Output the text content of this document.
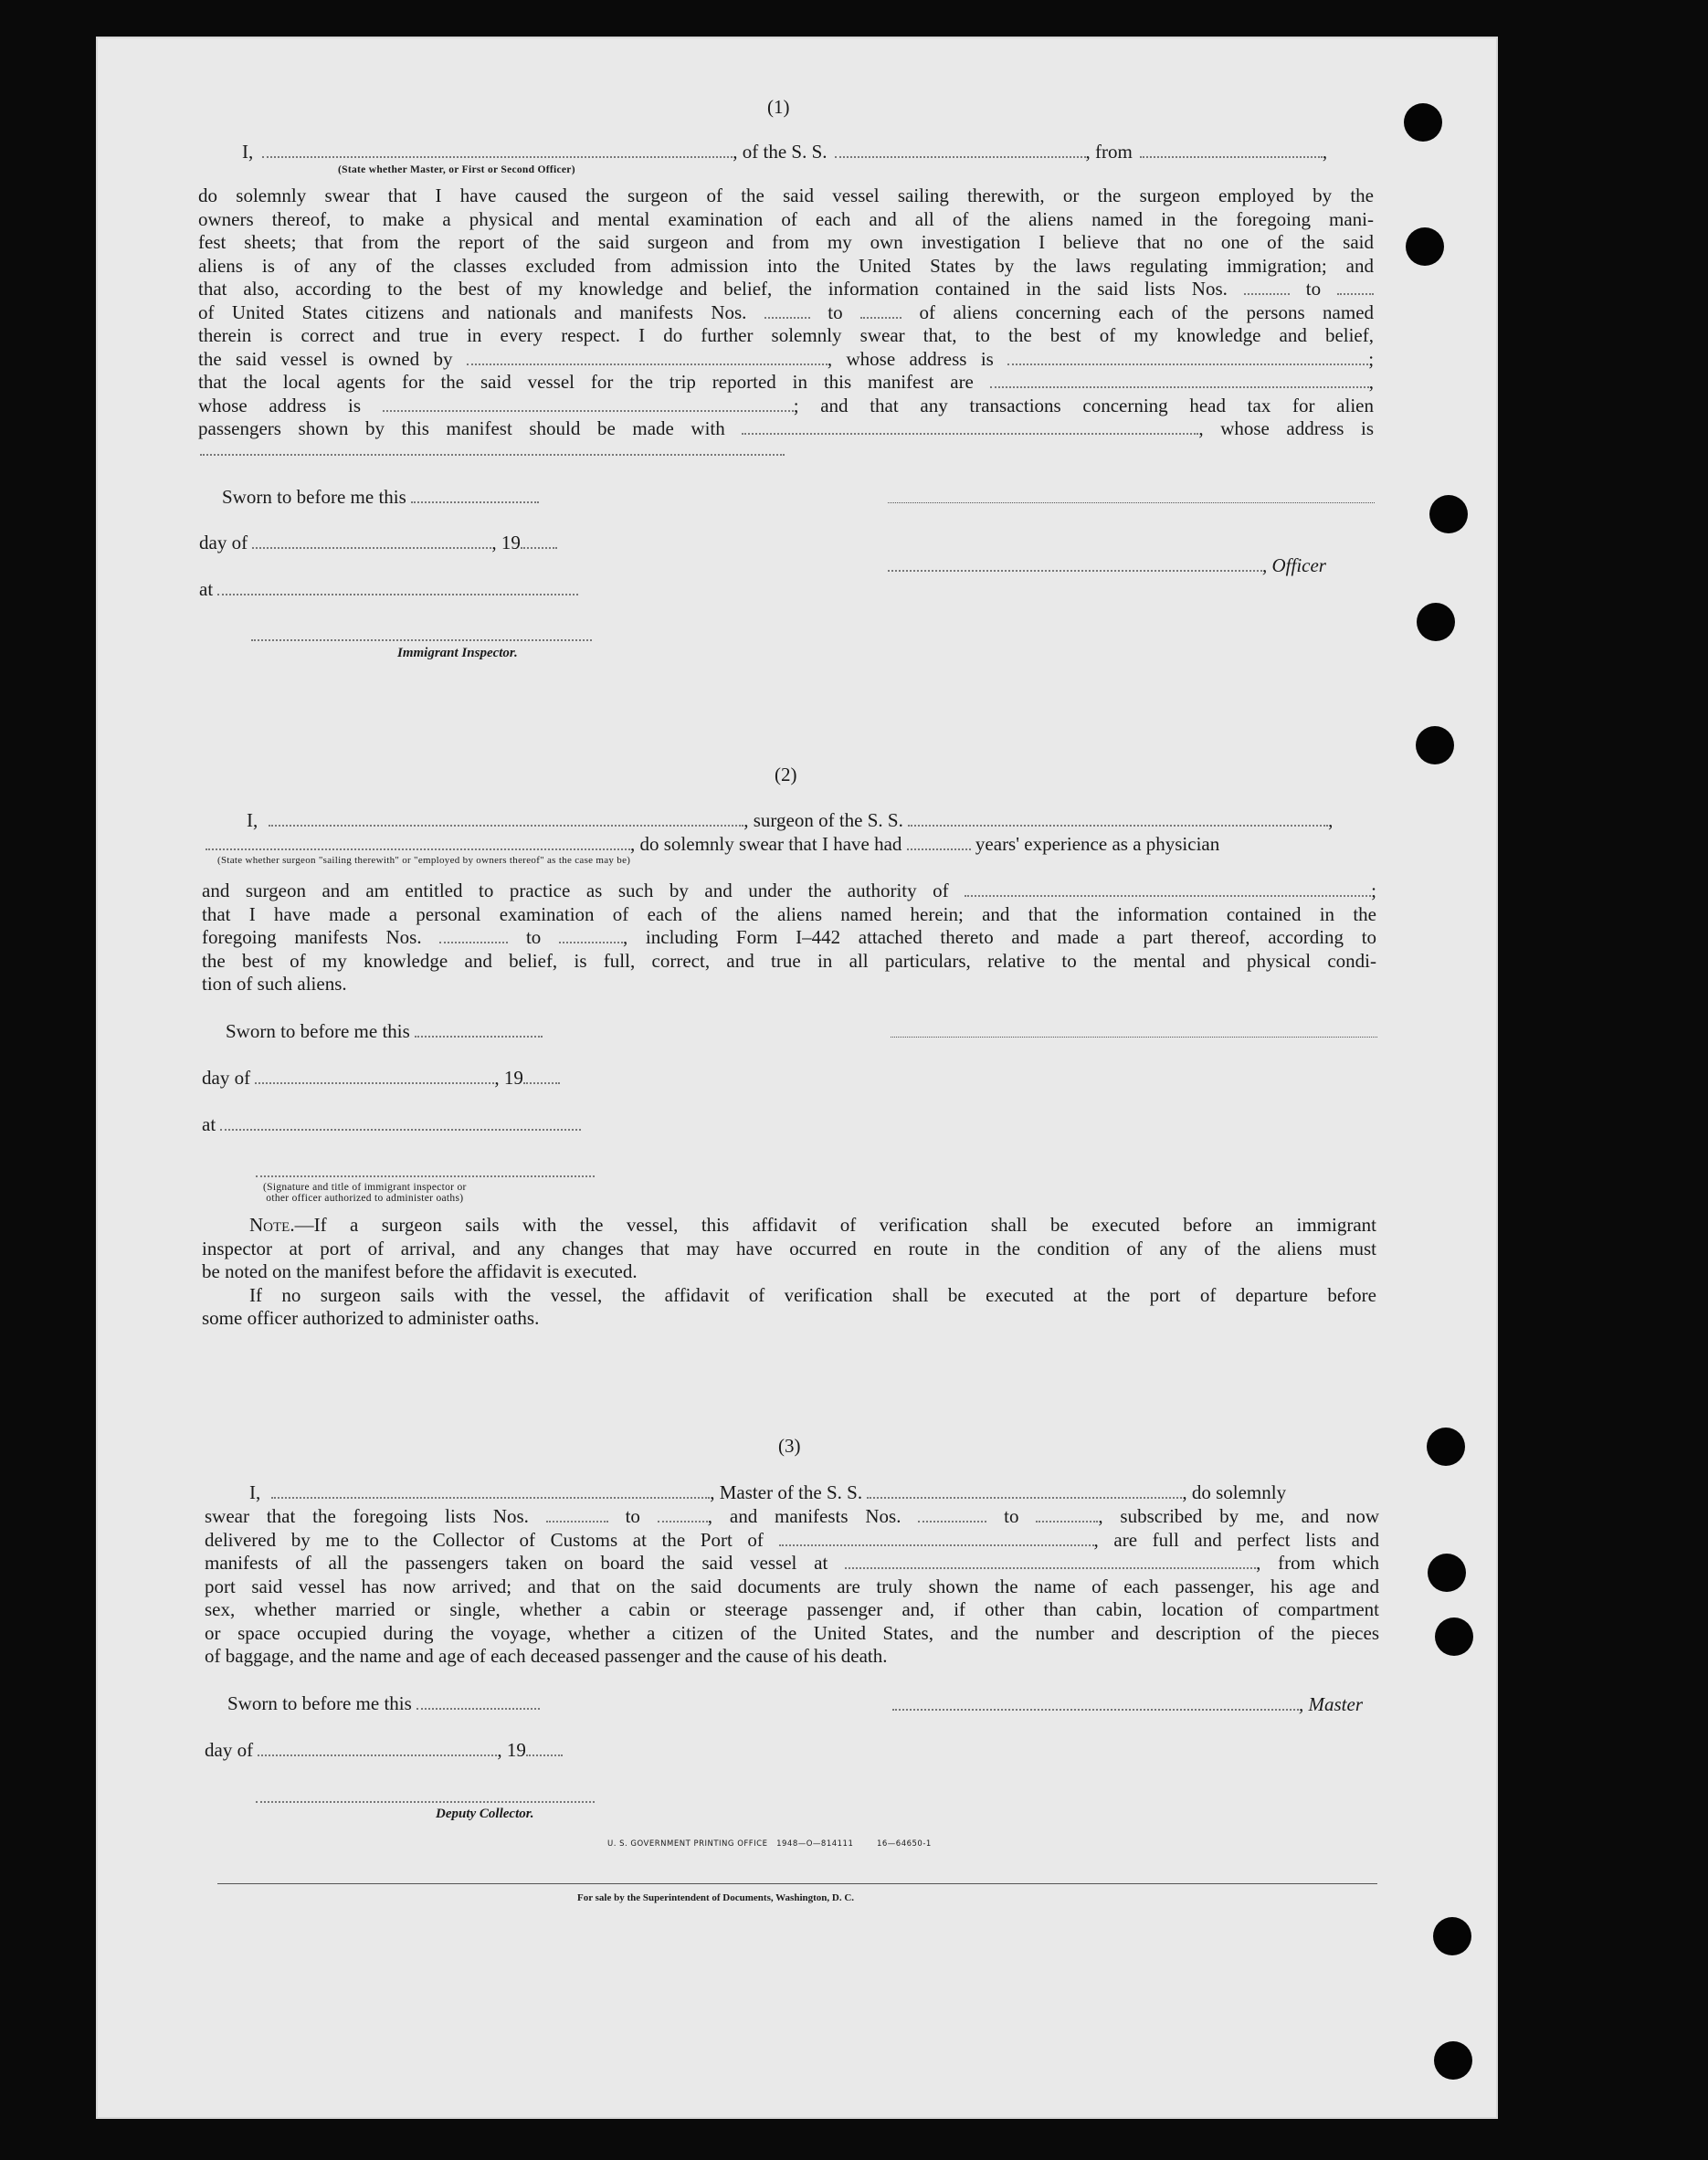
(1)
I,	, of the S. S.	, from	,
(State whether Master, or First or Second Officer)
do solemnly swear that I have caused the surgeon of the said vessel sailing therewith, or the surgeon employed by the
owners thereof, to make a physical and mental examination of each and all of the aliens named in the foregoing mani-
fest sheets; that from the report of the said surgeon and from my own investigation I believe that no one of the said
aliens is of any of the classes excluded from admission into the United States by the laws regulating immigration; and
that also, according to the best of my knowledge and belief, the information contained in the said lists Nos.	to
of United States citizens and nationals and manifests Nos.	to	of aliens concerning each of the persons named
therein is correct and true in every respect. I do further solemnly swear that, to the best of my knowledge and belief,
the said vessel is owned by	, whose address is	;
that the local agents for the said vessel for the trip reported in this manifest are	,
whose address is	; and that any transactions concerning head tax for alien
passengers shown by this manifest should be made with	, whose address is
Sworn to before me this
day of	, 19
, Officer
at
Immigrant Inspector.
(2)
I,	, surgeon of the S. S.	,
, do solemnly swear that I have had	years' experience as a physician
(State whether surgeon "sailing therewith" or "employed by owners thereof" as the case may be)
and surgeon and am entitled to practice as such by and under the authority of	;
that I have made a personal examination of each of the aliens named herein; and that the information contained in the
foregoing manifests Nos.	to	, including Form I–442 attached thereto and made a part thereof, according to
the best of my knowledge and belief, is full, correct, and true in all particulars, relative to the mental and physical condi-
tion of such aliens.
Sworn to before me this
day of	, 19
at
(Signature and title of immigrant inspector or
other officer authorized to administer oaths)
Note.—If a surgeon sails with the vessel, this affidavit of verification shall be executed before an immigrant
inspector at port of arrival, and any changes that may have occurred en route in the condition of any of the aliens must
be noted on the manifest before the affidavit is executed.
If no surgeon sails with the vessel, the affidavit of verification shall be executed at the port of departure before
some officer authorized to administer oaths.
(3)
I,	, Master of the S. S.	, do solemnly
swear that the foregoing lists Nos.	to	, and manifests Nos.	to	, subscribed by me, and now
delivered by me to the Collector of Customs at the Port of	, are full and perfect lists and
manifests of all the passengers taken on board the said vessel at	, from which
port said vessel has now arrived; and that on the said documents are truly shown the name of each passenger, his age and
sex, whether married or single, whether a cabin or steerage passenger and, if other than cabin, location of compartment
or space occupied during the voyage, whether a citizen of the United States, and the number and description of the pieces
of baggage, and the name and age of each deceased passenger and the cause of his death.
Sworn to before me this	, Master
day of	, 19
Deputy Collector.
U. S. GOVERNMENT PRINTING OFFICE   1948—O—814111        16—64650-1
For sale by the Superintendent of Documents, Washington, D. C.
